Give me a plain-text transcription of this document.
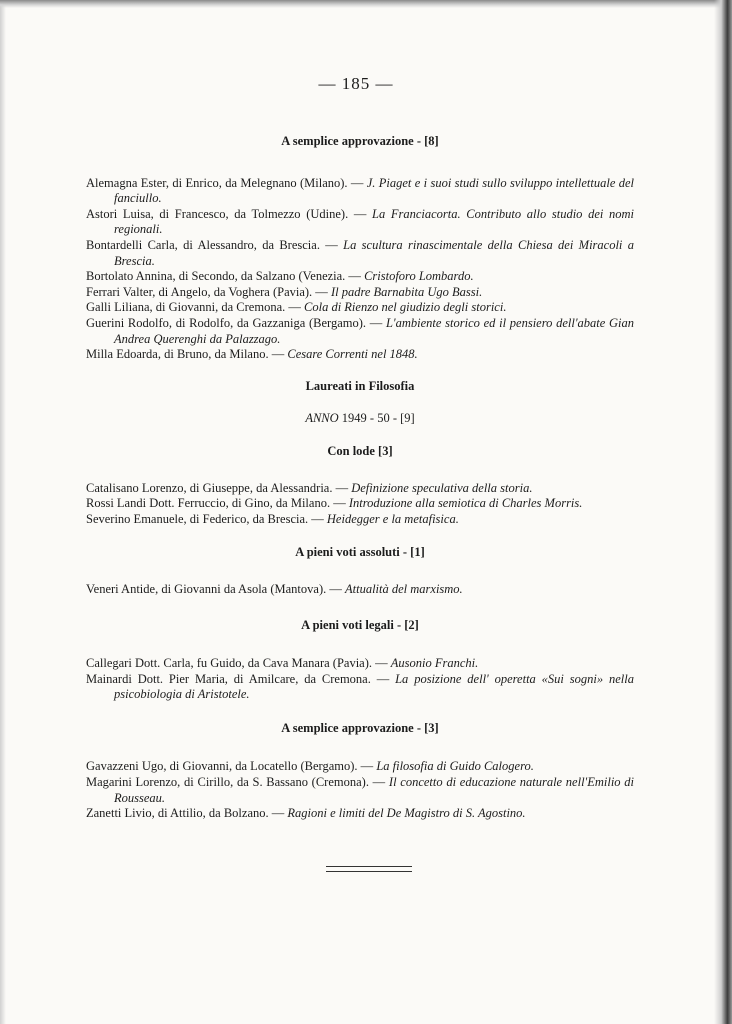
— 185 —

A semplice approvazione - [8]

Alemagna Ester, di Enrico, da Melegnano (Milano). — J. Piaget e i suoi studi sullo sviluppo intellettuale del fanciullo.

Astori Luisa, di Francesco, da Tolmezzo (Udine). — La Franciacorta. Contributo allo studio dei nomi regionali.

Bontardelli Carla, di Alessandro, da Brescia. — La scultura rinascimentale della Chiesa dei Miracoli a Brescia.

Bortolato Annina, di Secondo, da Salzano (Venezia. — Cristoforo Lombardo.

Ferrari Valter, di Angelo, da Voghera (Pavia). — Il padre Barnabita Ugo Bassi.

Galli Liliana, di Giovanni, da Cremona. — Cola di Rienzo nel giudizio degli storici.

Guerini Rodolfo, di Rodolfo, da Gazzaniga (Bergamo). — L'ambiente storico ed il pensiero dell'abate Gian Andrea Querenghi da Palazzago.

Milla Edoarda, di Bruno, da Milano. — Cesare Correnti nel 1848.

Laureati in Filosofia

ANNO 1949 - 50 - [9]

Con lode [3]

Catalisano Lorenzo, di Giuseppe, da Alessandria. — Definizione speculativa della storia.

Rossi Landi Dott. Ferruccio, di Gino, da Milano. — Introduzione alla semiotica di Charles Morris.

Severino Emanuele, di Federico, da Brescia. — Heidegger e la metafisica.

A pieni voti assoluti - [1]

Veneri Antide, di Giovanni da Asola (Mantova). — Attualità del marxismo.

A pieni voti legali - [2]

Callegari Dott. Carla, fu Guido, da Cava Manara (Pavia). — Ausonio Franchi.

Mainardi Dott. Pier Maria, di Amilcare, da Cremona. — La posizione dell' operetta «Sui sogni» nella psicobiologia di Aristotele.

A semplice approvazione - [3]

Gavazzeni Ugo, di Giovanni, da Locatello (Bergamo). — La filosofia di Guido Calogero.

Magarini Lorenzo, di Cirillo, da S. Bassano (Cremona). — Il concetto di educazione naturale nell'Emilio di Rousseau.

Zanetti Livio, di Attilio, da Bolzano. — Ragioni e limiti del De Magistro di S. Agostino.
